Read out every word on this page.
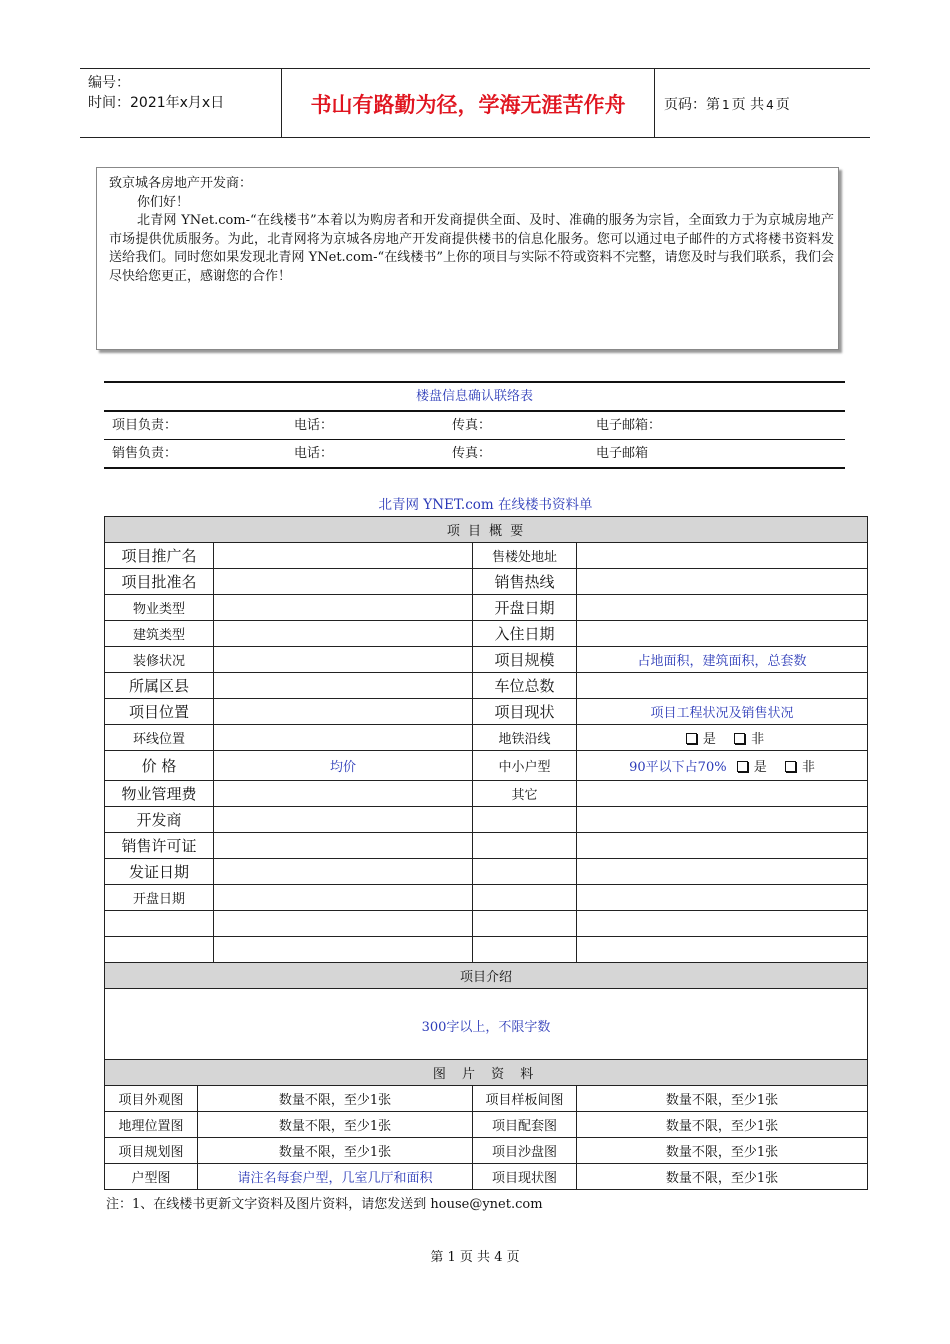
编号：
时间：2021年x月x日	书山有路勤为径，学海无涯苦作舟	页码：第 1 页 共 4 页

致京城各房地产开发商：

你们好！

北青网 YNet.com-“在线楼书”本着以为购房者和开发商提供全面、及时、准确的服务为宗旨，全面致力于为京城房地产市场提供优质服务。为此，北青网将为京城各房地产开发商提供楼书的信息化服务。您可以通过电子邮件的方式将楼书资料发送给我们。同时您如果发现北青网 YNet.com-“在线楼书”上你的项目与实际不符或资料不完整，请您及时与我们联系，我们会尽快给您更正，感谢您的合作！

楼盘信息确认联络表
项目负责：	电话：	传真：	电子邮箱：
销售负责：	电话：	传真：	电子邮箱
北青网 YNET.com 在线楼书资料单
项 目 概 要			
项目推广名		售楼处地址	
项目批准名		销售热线	
物业类型		开盘日期	
建筑类型		入住日期	
装修状况		项目规模	占地面积，建筑面积，总套数
所属区县		车位总数	
项目位置		项目现状	项目工程状况及销售状况
环线位置		地铁沿线	是 非
价 格	均价	中小户型	90平以下占70% 是 非
物业管理费		其它	
开发商			
销售许可证			
发证日期			
开盘日期			

项目介绍			
300字以上，不限字数			
图 片 资 料			
项目外观图	数量不限，至少1张	项目样板间图	数量不限，至少1张
地理位置图	数量不限，至少1张	项目配套图	数量不限，至少1张
项目规划图	数量不限，至少1张	项目沙盘图	数量不限，至少1张
户型图	请注名每套户型，几室几厅和面积	项目现状图	数量不限，至少1张
注：1、在线楼书更新文字资料及图片资料，请您发送到 house@ynet.com
第 1 页 共 4 页
